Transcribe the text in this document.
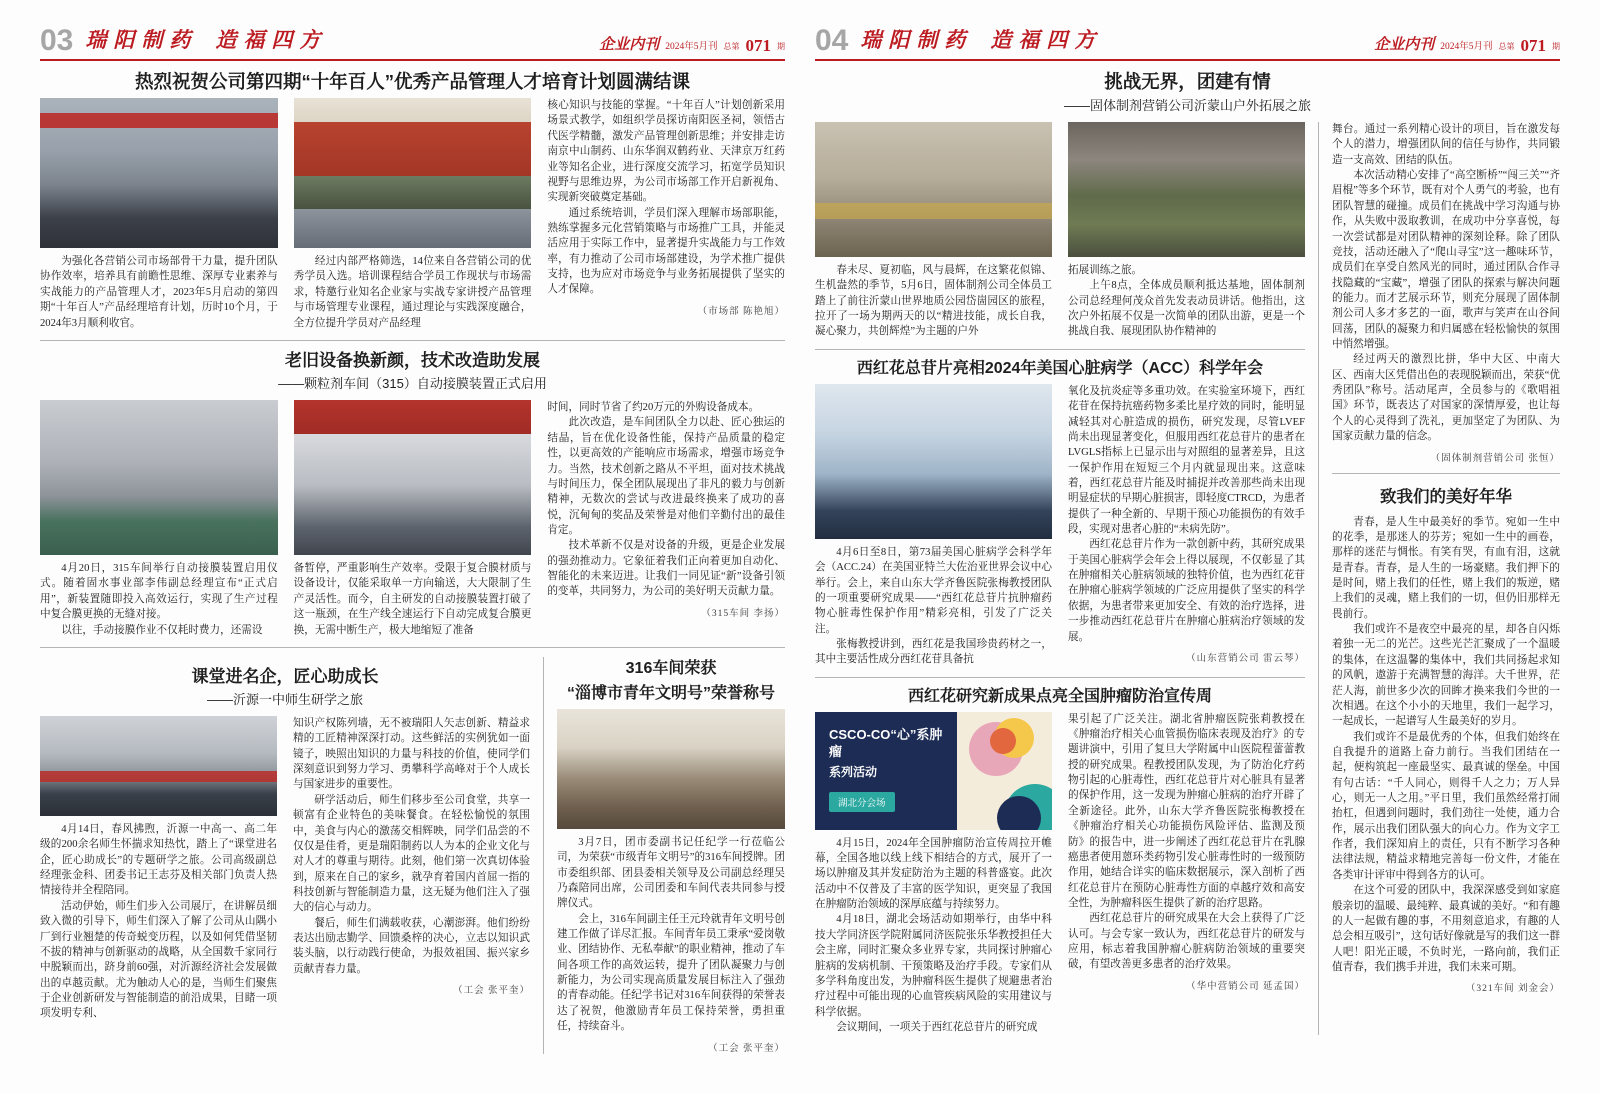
03 瑞阳制药 造福四方	企业内刊 2024年5月刊 总第 071 期
热烈祝贺公司第四期“十年百人”优秀产品管理人才培育计划圆满结课

为强化各营销公司市场部骨干力量，提升团队协作效率，培养具有前瞻性思维、深厚专业素养与实战能力的产品管理人才，2023年5月启动的第四期“十年百人”产品经理培育计划，历时10个月，于2024年3月顺利收官。

经过内部严格筛选，14位来自各营销公司的优秀学员入选。培训课程结合学员工作现状与市场需求，特邀行业知名企业家与实战专家讲授产品管理与市场管理专业课程，通过理论与实践深度融合，全方位提升学员对产品经理

核心知识与技能的掌握。“十年百人”计划创新采用场景式教学，如组织学员探访南阳医圣祠，领悟古代医学精髓，激发产品管理创新思维；并安排走访南京中山制药、山东华润双鹤药业、天津京万红药业等知名企业，进行深度交流学习，拓宽学员知识视野与思维边界，为公司市场部工作开启新视角、实现新突破奠定基础。

通过系统培训，学员们深入理解市场部职能，熟练掌握多元化营销策略与市场推广工具，并能灵活应用于实际工作中，显著提升实战能力与工作效率，有力推动了公司市场部建设，为学术推广提供支持，也为应对市场竞争与业务拓展提供了坚实的人才保障。

（市场部 陈艳旭）
老旧设备换新颜，技术改造助发展
——颗粒剂车间（315）自动接膜装置正式启用

4月20日，315车间举行自动接膜装置启用仪式。随着固水事业部李伟副总经理宣布“正式启用”，新装置随即投入高效运行，实现了生产过程中复合膜更换的无缝对接。

以往，手动接膜作业不仅耗时费力，还需设

备暂停，严重影响生产效率。受限于复合膜材质与设备设计，仅能采取单一方向输送，大大限制了生产灵活性。而今，自主研发的自动接膜装置打破了这一瓶颈，在生产线全速运行下自动完成复合膜更换，无需中断生产，极大地缩短了准备

时间，同时节省了约20万元的外购设备成本。

此次改造，是车间团队全力以赴、匠心独运的结晶，旨在优化设备性能，保持产品质量的稳定性，以更高效的产能响应市场需求，增强市场竞争力。当然，技术创新之路从不平坦，面对技术挑战与时间压力，保全团队展现出了非凡的毅力与创新精神，无数次的尝试与改进最终换来了成功的喜悦，沉甸甸的奖品及荣誉是对他们辛勤付出的最佳肯定。

技术革新不仅是对设备的升级，更是企业发展的强劲推动力。它象征着我们正向着更加自动化、智能化的未来迈进。让我们一同见证“新”设备引领的变革，共同努力，为公司的美好明天贡献力量。

（315车间 李扬）
课堂进名企，匠心助成长
——沂源一中师生研学之旅

4月14日，春风拂煦，沂源一中高一、高二年级的200余名师生怀揣求知热忱，踏上了“课堂进名企，匠心助成长”的专题研学之旅。公司高级副总经理张金科、团委书记王志芬及相关部门负责人热情接待并全程陪同。

活动伊始，师生们步入公司展厅，在讲解员细致入微的引导下，师生们深入了解了公司从山隅小厂到行业翘楚的传奇蜕变历程，以及如何凭借坚韧不拔的精神与创新驱动的战略，从全国数千家同行中脱颖而出，跻身前60强，对沂源经济社会发展做出的卓越贡献。尤为触动人心的是，当师生们聚焦于企业创新研发与智能制造的前沿成果，目睹一项项发明专利、

知识产权陈列墙，无不被瑞阳人矢志创新、精益求精的工匠精神深深打动。这些鲜活的实例犹如一面镜子，映照出知识的力量与科技的价值，使同学们深刻意识到努力学习、勇攀科学高峰对于个人成长与国家进步的重要性。

研学活动后，师生们移步至公司食堂，共享一顿富有企业特色的美味餐食。在轻松愉悦的氛围中，美食与内心的激荡交相辉映，同学们品尝的不仅仅是佳肴，更是瑞阳制药以人为本的企业文化与对人才的尊重与期待。此刻，他们第一次真切体验到，原来在自己的家乡，就孕育着国内首屈一指的科技创新与智能制造力量，这无疑为他们注入了强大的信心与动力。

餐后，师生们满载收获，心潮澎湃。他们纷纷表达出励志勤学、回馈桑梓的决心，立志以知识武装头脑，以行动践行使命，为报效祖国、振兴家乡贡献青春力量。

（工会 张平奎）
316车间荣获
“淄博市青年文明号”荣誉称号

3月7日，团市委副书记任纪学一行莅临公司，为荣获“市级青年文明号”的316车间授牌。团市委组织部、团县委相关领导及公司副总经理吴乃森陪同出席，公司团委和车间代表共同参与授牌仪式。

会上，316车间副主任王元玲就青年文明号创建工作做了详尽汇报。车间青年员工秉承“爱岗敬业、团结协作、无私奉献”的职业精神，推动了车间各项工作的高效运转，提升了团队凝聚力与创新能力，为公司实现高质量发展目标注入了强劲的青春动能。任纪学书记对316车间获得的荣誉表达了祝贺，他激励青年员工保持荣誉，勇担重任，持续奋斗。

（工会 张平奎）
04 瑞阳制药 造福四方	企业内刊 2024年5月刊 总第 071 期
挑战无界，团建有情
——固体制剂营销公司沂蒙山户外拓展之旅

春未尽、夏初临，风与晨辉，在这繁花似锦、生机盎然的季节，5月6日，固体制剂公司全体员工踏上了前往沂蒙山世界地质公园岱崮园区的旅程，拉开了一场为期两天的以“精进技能，成长自我，凝心聚力，共创辉煌”为主题的户外

拓展训练之旅。

上午8点，全体成员顺利抵达基地，固体制剂公司总经理何茂众首先发表动员讲话。他指出，这次户外拓展不仅是一次简单的团队出游，更是一个挑战自我、展现团队协作精神的

西红花总苷片亮相2024年美国心脏病学（ACC）科学年会

4月6日至8日，第73届美国心脏病学会科学年会（ACC.24）在美国亚特兰大佐治亚世界会议中心举行。会上，来自山东大学齐鲁医院张梅教授团队的一项重要研究成果——“西红花总苷片抗肿瘤药物心脏毒性保护作用”精彩亮相，引发了广泛关注。

张梅教授讲到，西红花是我国珍贵药材之一，其中主要活性成分西红花苷具备抗

氧化及抗炎症等多重功效。在实验室环境下，西红花苷在保持抗癌药物多柔比星疗效的同时，能明显减轻其对心脏造成的损伤，研究发现，尽管LVEF尚未出现显著变化，但服用西红花总苷片的患者在LVGLS指标上已显示出与对照组的显著差异，且这一保护作用在短短三个月内就显现出来。这意味着，西红花总苷片能及时捕捉并改善那些尚未出现明显症状的早期心脏损害，即轻度CTRCD，为患者提供了一种全新的、早期干预心功能损伤的有效手段，实现对患者心脏的“未病先防”。

西红花总苷片作为一款创新中药，其研究成果于美国心脏病学会年会上得以展现，不仅彰显了其在肿瘤相关心脏病领域的独特价值，也为西红花苷在肿瘤心脏病学领域的广泛应用提供了坚实的科学依据，为患者带来更加安全、有效的治疗选择，进一步推动西红花总苷片在肿瘤心脏病治疗领域的发展。

（山东营销公司 雷云琴）
西红花研究新成果点亮全国肿瘤防治宣传周
CSCO-CO“心”系肿瘤
系列活动
湖北分会场

4月15日，2024年全国肿瘤防治宣传周拉开帷幕，全国各地以线上线下相结合的方式，展开了一场以肿瘤及其并发症防治为主题的科普盛宴。此次活动中不仅普及了丰富的医学知识，更突显了我国在肿瘤防治领域的深厚底蕴与持续努力。

4月18日，湖北会场活动如期举行，由华中科技大学同济医学院附属同济医院张乐华教授担任大会主席，同时汇聚众多业界专家，共同探讨肿瘤心脏病的发病机制、干预策略及治疗手段。专家们从多学科角度出发，为肿瘤科医生提供了规避患者治疗过程中可能出现的心血管疾病风险的实用建议与科学依据。

会议期间，一项关于西红花总苷片的研究成

果引起了广泛关注。湖北省肿瘤医院张莉教授在《肿瘤治疗相关心血管损伤临床表现及治疗》的专题讲演中，引用了复旦大学附属中山医院程蕾蕾教授的研究成果。程教授团队发现，为了防治化疗药物引起的心脏毒性，西红花总苷片对心脏具有显著的保护作用，这一发现为肿瘤心脏病的治疗开辟了全新途径。此外，山东大学齐鲁医院张梅教授在《肿瘤治疗相关心功能损伤风险评估、监测及预防》的报告中，进一步阐述了西红花总苷片在乳腺癌患者使用蒽环类药物引发心脏毒性时的一级预防作用，她结合详实的临床数据展示，深入剖析了西红花总苷片在预防心脏毒性方面的卓越疗效和高安全性，为肿瘤科医生提供了新的治疗思路。

西红花总苷片的研究成果在大会上获得了广泛认可。与会专家一致认为，西红花总苷片的研发与应用，标志着我国肿瘤心脏病防治领域的重要突破，有望改善更多患者的治疗效果。

（华中营销公司 延孟国）

舞台。通过一系列精心设计的项目，旨在激发每个人的潜力，增强团队间的信任与协作，共同锻造一支高效、团结的队伍。

本次活动精心安排了“高空断桥”“闯三关”“齐眉棍”等多个环节，既有对个人勇气的考验，也有团队智慧的碰撞。成员们在挑战中学习沟通与协作，从失败中汲取教训，在成功中分享喜悦，每一次尝试都是对团队精神的深刻诠释。除了团队竞技，活动还融入了“爬山寻宝”这一趣味环节，成员们在享受自然风光的同时，通过团队合作寻找隐藏的“宝藏”，增强了团队的探索与解决问题的能力。而才艺展示环节，则充分展现了固体制剂公司人多才多艺的一面，歌声与笑声在山谷间回荡，团队的凝聚力和归属感在轻松愉快的氛围中悄然增强。

经过两天的激烈比拼，华中大区、中南大区、西南大区凭借出色的表现脱颖而出，荣获“优秀团队”称号。活动尾声，全员参与的《歌唱祖国》环节，既表达了对国家的深情厚爱，也让每个人的心灵得到了洗礼，更加坚定了为团队、为国家贡献力量的信念。

（固体制剂营销公司 张恒）
致我们的美好年华

青春，是人生中最美好的季节。宛如一生中的花季，是那迷人的芬芳；宛如一生中的画卷，那样的迷茫与惆怅。有笑有哭，有血有泪，这就是青春。青春，是人生的一场豪赌。我们押下的是时间，赌上我们的任性，赌上我们的叛逆，赌上我们的灵魂，赌上我们的一切，但仍旧那样无畏前行。

我们或许不是夜空中最亮的星，却各自闪烁着独一无二的光芒。这些光芒汇聚成了一个温暖的集体，在这温馨的集体中，我们共同扬起求知的风帆，遨游于充满智慧的海洋。大千世界，茫茫人海，前世多少次的回眸才换来我们今世的一次相遇。在这个小小的天地里，我们一起学习，一起成长，一起谱写人生最美好的岁月。

我们或许不是最优秀的个体，但我们始终在自我提升的道路上奋力前行。当我们团结在一起，便构筑起一座最坚实、最真诚的堡垒。中国有句古话：“千人同心，则得千人之力；万人异心，则无一人之用。”平日里，我们虽然经常打闹抬杠，但遇到问题时，我们劲往一处使，通力合作，展示出我们团队强大的向心力。作为文字工作者，我们深知肩上的责任，只有不断学习各种法律法规，精益求精地完善每一份文件，才能在各类审计评审中得到各方的认可。

在这个可爱的团队中，我深深感受到如家庭般亲切的温暖、最纯粹、最真诚的美好。“和有趣的人一起做有趣的事，不用刻意追求，有趣的人总会相互吸引”，这句话好像就是写的我们这一群人吧！阳光正暖，不负时光，一路向前，我们正值青春，我们携手并进，我们未来可期。

（321车间 刘金会）
